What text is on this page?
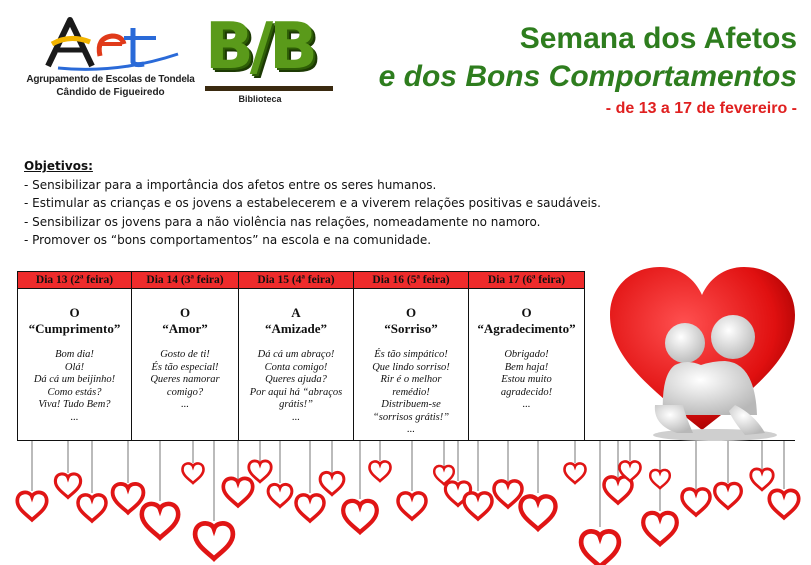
Agrupamento de Escolas de Tondela
Cândido de Figueiredo
B/B
Biblioteca
Semana dos Afetos
e dos Bons Comportamentos
- de 13 a 17 de fevereiro -
Objetivos:
- Sensibilizar para a importância dos afetos entre os seres humanos.
- Estimular as crianças e os jovens a estabelecerem e a viverem relações positivas e saudáveis.
- Sensibilizar os jovens para a não violência nas relações, nomeadamente no namoro.
- Promover os “bons comportamentos” na escola e na comunidade.
Dia 13 (2ª feira)
O
“Cumprimento”
Bom dia!
Olá!
Dá cá um beijinho!
Como estás?
Viva! Tudo Bem?
...
Dia 14 (3ª feira)
O
“Amor”
Gosto de ti!
És tão especial!
Queres namorar
comigo?
...
Dia 15 (4ª feira)
A
“Amizade”
Dá cá um abraço!
Conta comigo!
Queres ajuda?
Por aqui há “abraços
grátis!”
...
Dia 16 (5ª feira)
O
“Sorriso”
És tão simpático!
Que lindo sorriso!
Rir é o melhor
remédio!
Distribuem-se
“sorrisos grátis!”
...
Dia 17 (6ª feira)
O
“Agradecimento”
Obrigado!
Bem haja!
Estou muito
agradecido!
...
